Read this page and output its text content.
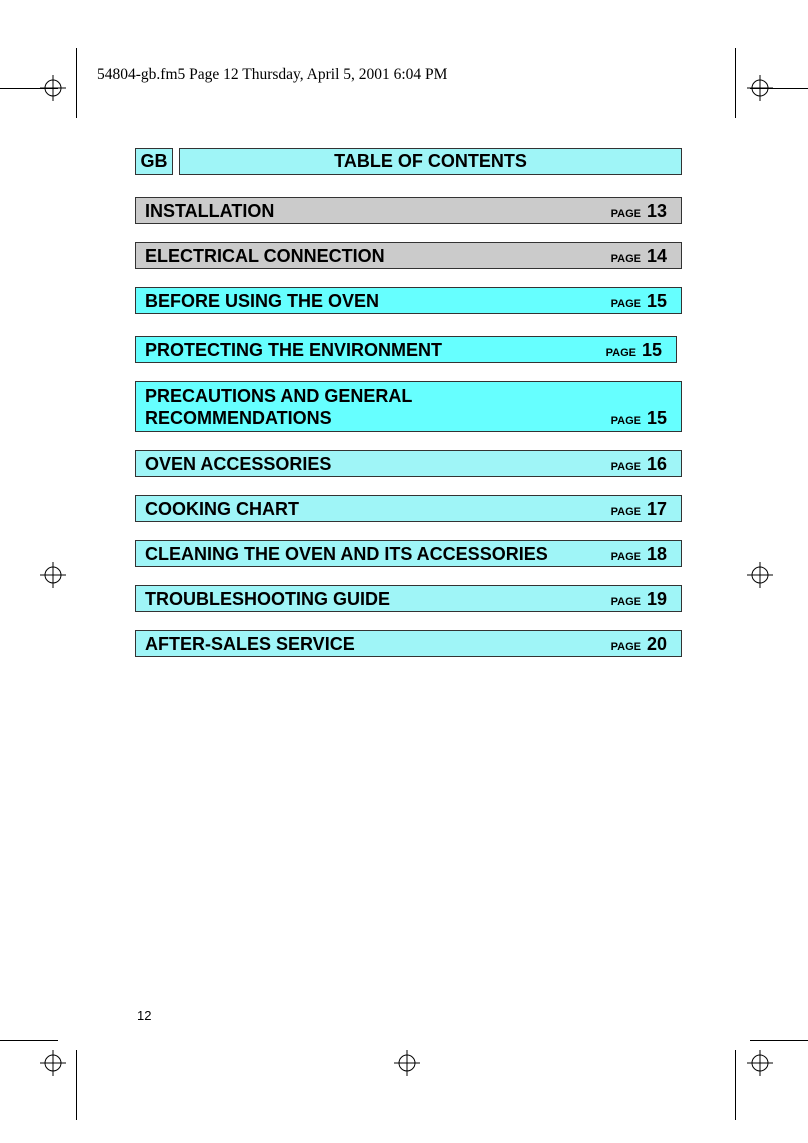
54804-gb.fm5 Page 12 Thursday, April 5, 2001 6:04 PM
GB	TABLE OF CONTENTS
INSTALLATION	PAGE 13
ELECTRICAL CONNECTION	PAGE 14
BEFORE USING THE OVEN	PAGE 15
PROTECTING THE ENVIRONMENT	PAGE 15
PRECAUTIONS AND GENERAL
RECOMMENDATIONS	PAGE 15
OVEN ACCESSORIES	PAGE 16
COOKING CHART	PAGE 17
CLEANING THE OVEN AND ITS ACCESSORIES	PAGE 18
TROUBLESHOOTING GUIDE	PAGE 19
AFTER-SALES SERVICE	PAGE 20
12
